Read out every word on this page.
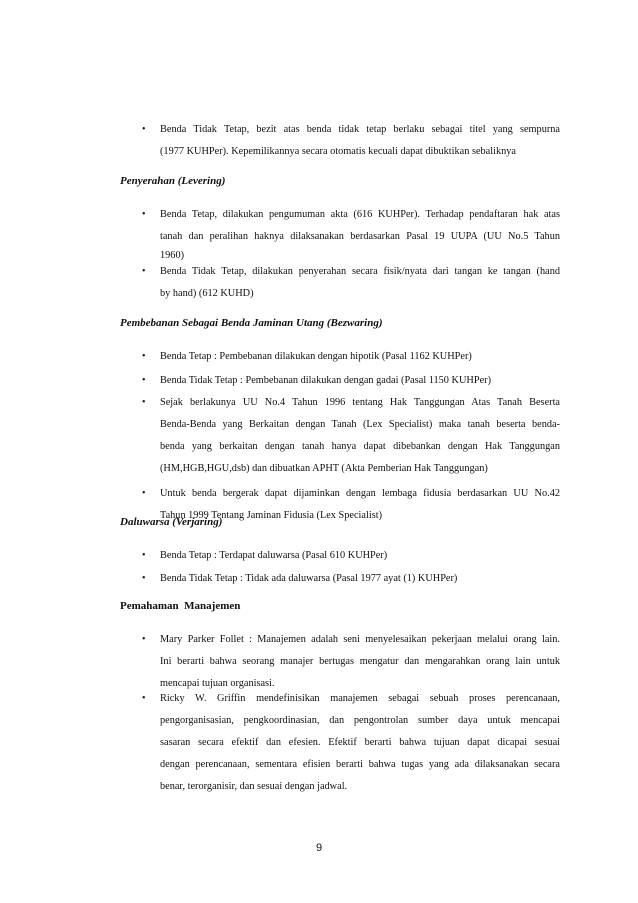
• Benda Tidak Tetap, bezit atas benda tidak tetap berlaku sebagai titel yang sempurna
(1977 KUHPer). Kepemilikannya secara otomatis kecuali dapat dibuktikan sebaliknya
Penyerahan (Levering)
• Benda Tetap, dilakukan pengumuman akta (616 KUHPer). Terhadap pendaftaran hak atas
tanah dan peralihan haknya dilaksanakan berdasarkan Pasal 19 UUPA (UU No.5 Tahun
1960)
• Benda Tidak Tetap, dilakukan penyerahan secara fisik/nyata dari tangan ke tangan (hand
by hand) (612 KUHD)
Pembebanan Sebagai Benda Jaminan Utang (Bezwaring)
• Benda Tetap : Pembebanan dilakukan dengan hipotik (Pasal 1162 KUHPer)
• Benda Tidak Tetap : Pembebanan dilakukan dengan gadai (Pasal 1150 KUHPer)
• Sejak berlakunya UU No.4 Tahun 1996 tentang Hak Tanggungan Atas Tanah Beserta
Benda-Benda yang Berkaitan dengan Tanah (Lex Specialist) maka tanah beserta benda-
benda yang berkaitan dengan tanah hanya dapat dibebankan dengan Hak Tanggungan
(HM,HGB,HGU,dsb) dan dibuatkan APHT (Akta Pemberian Hak Tanggungan)
• Untuk benda bergerak dapat dijaminkan dengan lembaga fidusia berdasarkan UU No.42
Tahun 1999 Tentang Jaminan Fidusia (Lex Specialist)
Daluwarsa (Verjaring)
• Benda Tetap : Terdapat daluwarsa (Pasal 610 KUHPer)
• Benda Tidak Tetap : Tidak ada daluwarsa (Pasal 1977 ayat (1) KUHPer)
Pemahaman  Manajemen
• Mary Parker Follet : Manajemen adalah seni menyelesaikan pekerjaan melalui orang lain.
Ini berarti bahwa seorang manajer bertugas mengatur dan mengarahkan orang lain untuk
mencapai tujuan organisasi.
• Ricky W. Griffin mendefinisikan manajemen sebagai sebuah proses perencanaan,
pengorganisasian, pengkoordinasian, dan pengontrolan sumber daya untuk mencapai
sasaran secara efektif dan efesien. Efektif berarti bahwa tujuan dapat dicapai sesuai
dengan perencanaan, sementara efisien berarti bahwa tugas yang ada dilaksanakan secara
benar, terorganisir, dan sesuai dengan jadwal.
9
